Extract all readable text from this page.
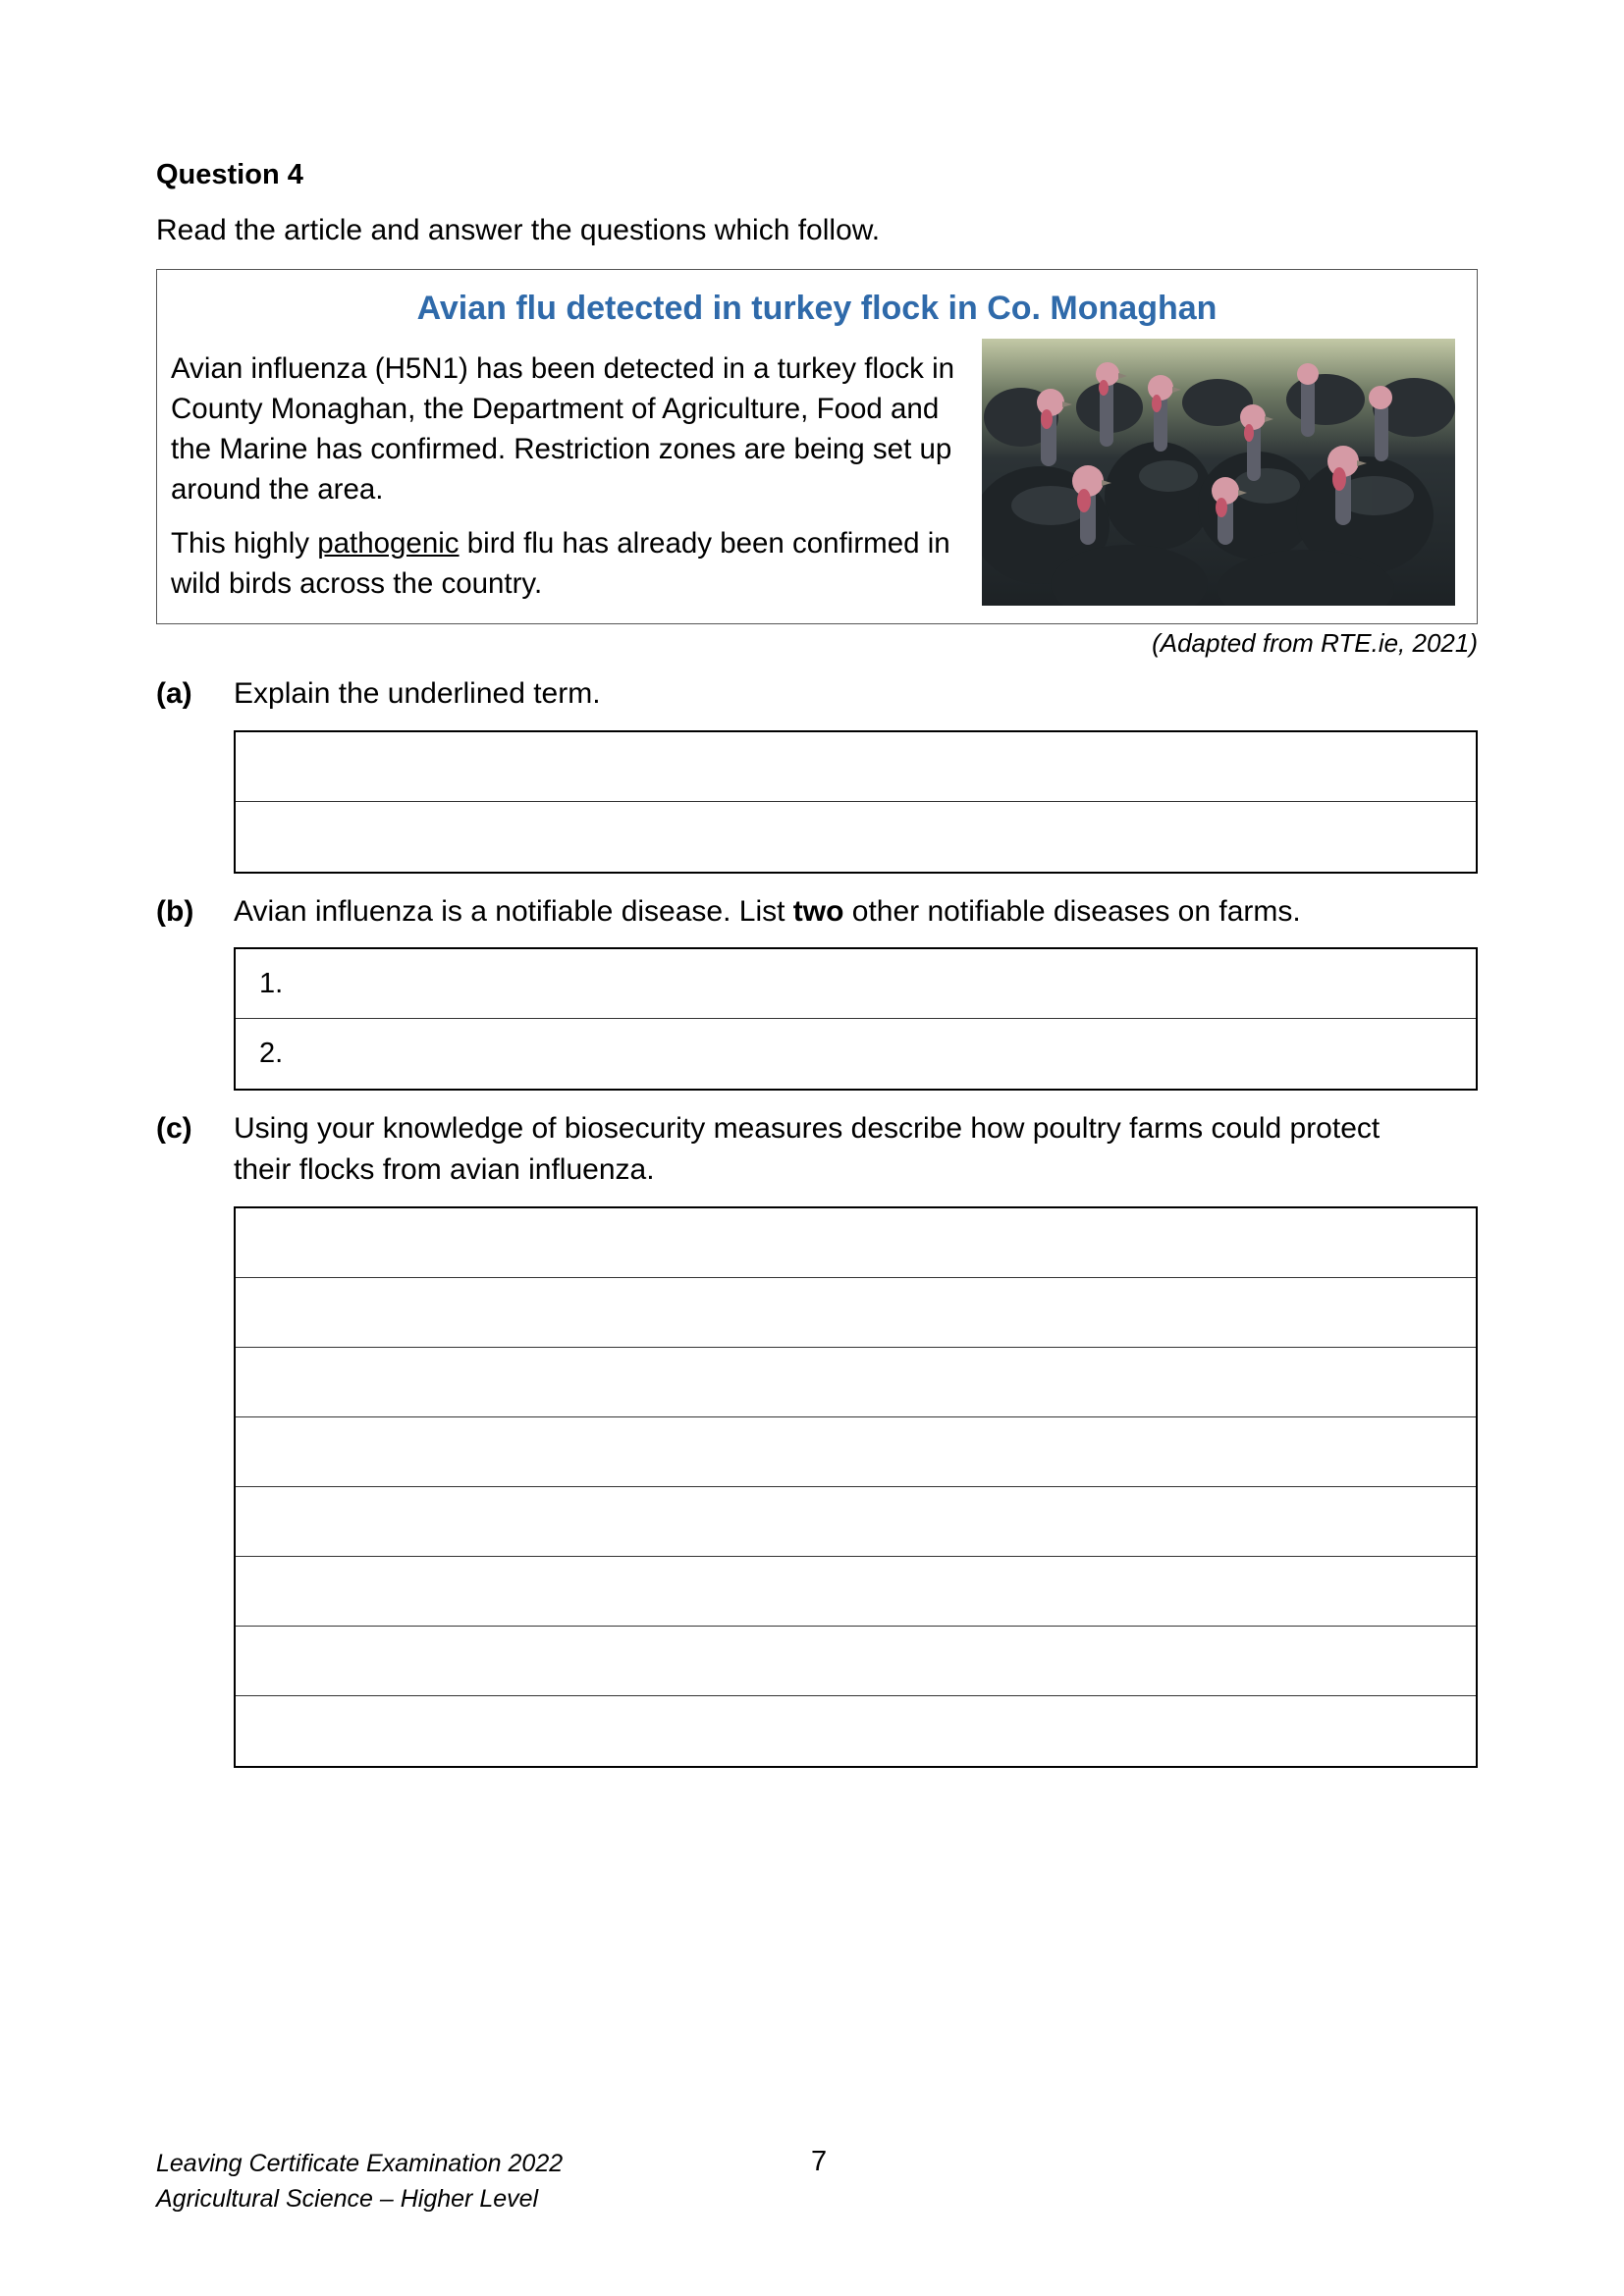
Question 4
Read the article and answer the questions which follow.
Avian flu detected in turkey flock in Co. Monaghan

Avian influenza (H5N1) has been detected in a turkey flock in County Monaghan, the Department of Agriculture, Food and the Marine has confirmed. Restriction zones are being set up around the area.

This highly pathogenic bird flu has already been confirmed in wild birds across the country.

(Adapted from RTE.ie, 2021)
(a) Explain the underlined term.
(b) Avian influenza is a notifiable disease. List two other notifiable diseases on farms.
1.
2.
(c) Using your knowledge of biosecurity measures describe how poultry farms could protect
their flocks from avian influenza.
Leaving Certificate Examination 2022
Agricultural Science – Higher Level
7
